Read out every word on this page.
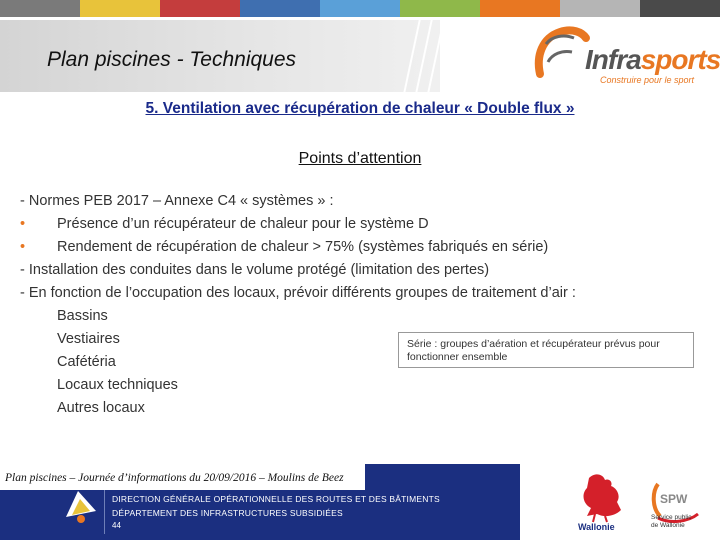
Plan piscines - Techniques	Infrasports
Construire pour le sport
5. Ventilation avec récupération de chaleur « Double flux »
Points d’attention
- Normes PEB 2017 – Annexe C4 « systèmes » :
• Présence d’un récupérateur de chaleur pour le système D
• Rendement de récupération de chaleur > 75% (systèmes fabriqués en série)
- Installation des conduites dans le volume protégé (limitation des pertes)
- En fonction de l’occupation des locaux, prévoir différents groupes de traitement d’air :
Bassins
Vestiaires
Cafétéria
Locaux techniques
Autres locaux
Série : groupes d’aération et récupérateur prévus pour fonctionner ensemble
Plan piscines – Journée d’informations du 20/09/2016 – Moulins de Beez
DIRECTION GÉNÉRALE OPÉRATIONNELLE DES ROUTES ET DES BÂTIMENTS
DÉPARTEMENT DES INFRASTRUCTURES SUBSIDIÉES
44	Wallonie
SPW
Service public
de Wallonie
